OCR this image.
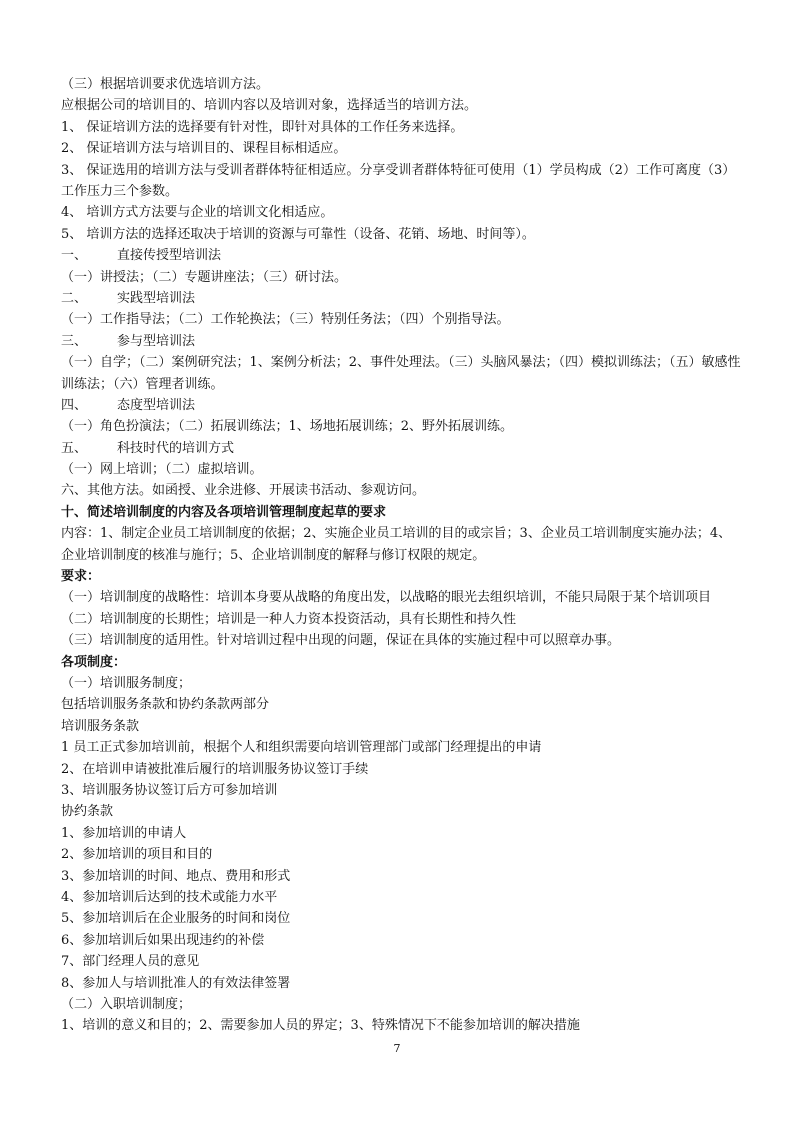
（三）根据培训要求优选培训方法。
应根据公司的培训目的、培训内容以及培训对象，选择适当的培训方法。
1、 保证培训方法的选择要有针对性，即针对具体的工作任务来选择。
2、 保证培训方法与培训目的、课程目标相适应。
3、 保证选用的培训方法与受训者群体特征相适应。分享受训者群体特征可使用（1）学员构成（2）工作可离度（3）工作压力三个参数。
4、 培训方式方法要与企业的培训文化相适应。
5、 培训方法的选择还取决于培训的资源与可靠性（设备、花销、场地、时间等）。
一、 直接传授型培训法
（一）讲授法；（二）专题讲座法；（三）研讨法。
二、 实践型培训法
（一）工作指导法；（二）工作轮换法；（三）特别任务法；（四）个别指导法。
三、 参与型培训法
（一）自学；（二）案例研究法；1、案例分析法；2、事件处理法。（三）头脑风暴法；（四）模拟训练法；（五）敏感性训练法；（六）管理者训练。
四、 态度型培训法
（一）角色扮演法；（二）拓展训练法；1、场地拓展训练；2、野外拓展训练。
五、 科技时代的培训方式
（一）网上培训；（二）虚拟培训。
六、其他方法。如函授、业余进修、开展读书活动、参观访问。
十、简述培训制度的内容及各项培训管理制度起草的要求
内容：1、制定企业员工培训制度的依据；2、实施企业员工培训的目的或宗旨；3、企业员工培训制度实施办法；4、企业培训制度的核准与施行；5、企业培训制度的解释与修订权限的规定。
要求：
（一）培训制度的战略性：培训本身要从战略的角度出发，以战略的眼光去组织培训，不能只局限于某个培训项目
（二）培训制度的长期性；培训是一种人力资本投资活动，具有长期性和持久性
（三）培训制度的适用性。针对培训过程中出现的问题，保证在具体的实施过程中可以照章办事。
各项制度：
（一）培训服务制度；
包括培训服务条款和协约条款两部分
培训服务条款
1 员工正式参加培训前，根据个人和组织需要向培训管理部门或部门经理提出的申请
2、在培训申请被批准后履行的培训服务协议签订手续
3、培训服务协议签订后方可参加培训
协约条款
1、参加培训的申请人
2、参加培训的项目和目的
3、参加培训的时间、地点、费用和形式
4、参加培训后达到的技术或能力水平
5、参加培训后在企业服务的时间和岗位
6、参加培训后如果出现违约的补偿
7、部门经理人员的意见
8、参加人与培训批准人的有效法律签署
（二）入职培训制度；
1、培训的意义和目的；2、需要参加人员的界定；3、特殊情况下不能参加培训的解决措施
7
